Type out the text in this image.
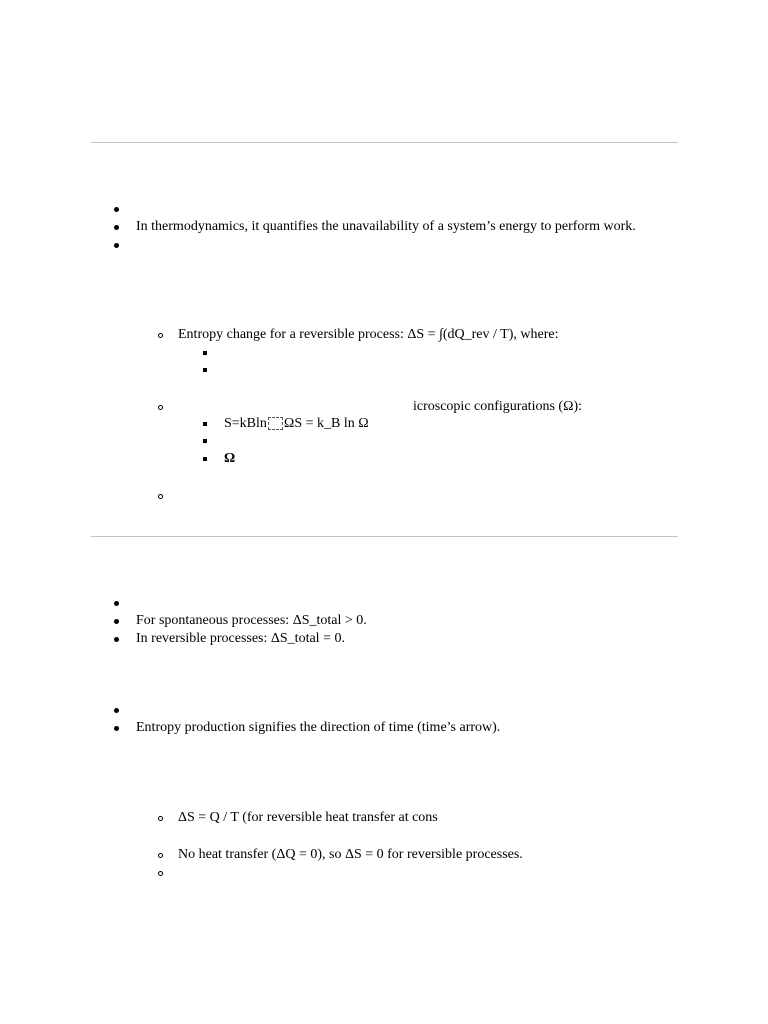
In thermodynamics, it quantifies the unavailability of a system’s energy to perform work.
Entropy change for a reversible process: ΔS = ∫(dQ_rev / T), where:
icroscopic configurations (Ω):
S=kBln ΩS = k_B ln Ω
Ω
For spontaneous processes: ΔS_total > 0.
In reversible processes: ΔS_total = 0.
Entropy production signifies the direction of time (time’s arrow).
ΔS = Q / T (for reversible heat transfer at cons
No heat transfer (ΔQ = 0), so ΔS = 0 for reversible processes.
